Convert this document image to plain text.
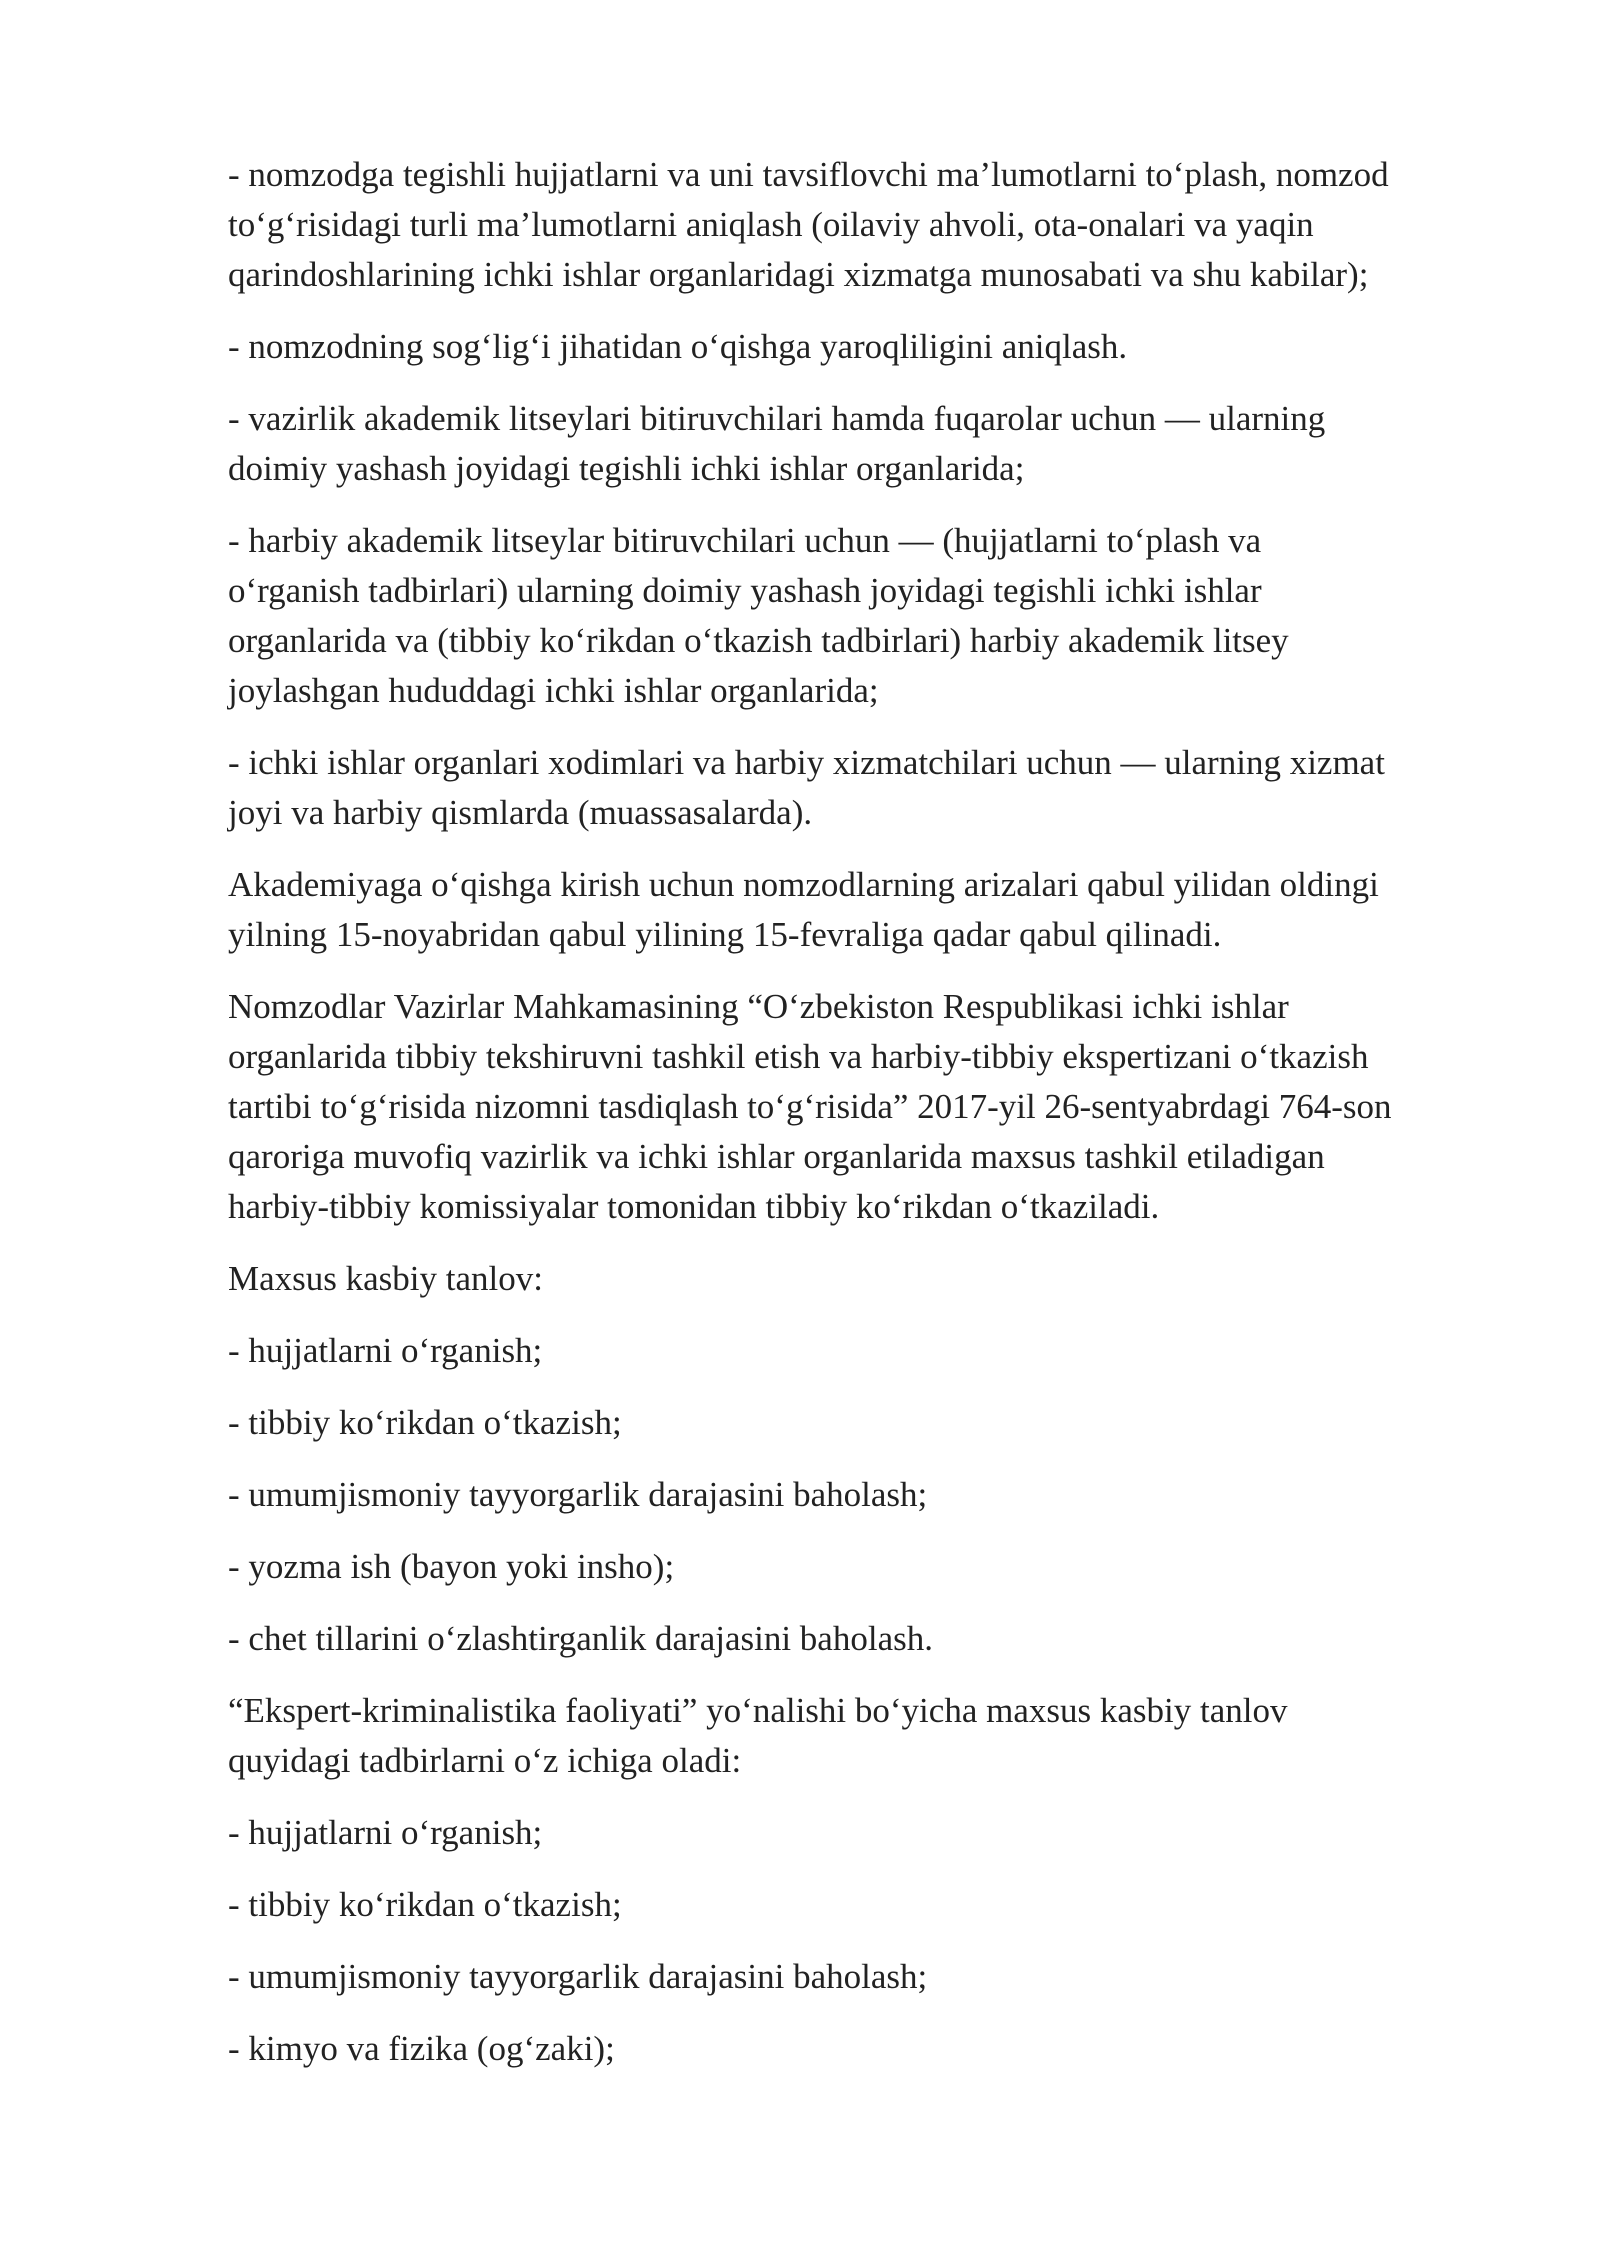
- nomzodga tegishli hujjatlarni va uni tavsiflovchi ma’lumotlarni to‘plash, nomzod
to‘g‘risidagi turli ma’lumotlarni aniqlash (oilaviy ahvoli, ota-onalari va yaqin
qarindoshlarining ichki ishlar organlaridagi xizmatga munosabati va shu kabilar);

- nomzodning sog‘lig‘i jihatidan o‘qishga yaroqliligini aniqlash.

- vazirlik akademik litseylari bitiruvchilari hamda fuqarolar uchun — ularning
doimiy yashash joyidagi tegishli ichki ishlar organlarida;

- harbiy akademik litseylar bitiruvchilari uchun — (hujjatlarni to‘plash va
o‘rganish tadbirlari) ularning doimiy yashash joyidagi tegishli ichki ishlar
organlarida va (tibbiy ko‘rikdan o‘tkazish tadbirlari) harbiy akademik litsey
joylashgan hududdagi ichki ishlar organlarida;

- ichki ishlar organlari xodimlari va harbiy xizmatchilari uchun — ularning xizmat
joyi va harbiy qismlarda (muassasalarda).

Akademiyaga o‘qishga kirish uchun nomzodlarning arizalari qabul yilidan oldingi
yilning 15-noyabridan qabul yilining 15-fevraliga qadar qabul qilinadi.

Nomzodlar Vazirlar Mahkamasining “O‘zbekiston Respublikasi ichki ishlar
organlarida tibbiy tekshiruvni tashkil etish va harbiy-tibbiy ekspertizani o‘tkazish
tartibi to‘g‘risida nizomni tasdiqlash to‘g‘risida” 2017-yil 26-sentyabrdagi 764-son
qaroriga muvofiq vazirlik va ichki ishlar organlarida maxsus tashkil etiladigan
harbiy-tibbiy komissiyalar tomonidan tibbiy ko‘rikdan o‘tkaziladi.

Maxsus kasbiy tanlov:

- hujjatlarni o‘rganish;

- tibbiy ko‘rikdan o‘tkazish;

- umumjismoniy tayyorgarlik darajasini baholash;

- yozma ish (bayon yoki insho);

- chet tillarini o‘zlashtirganlik darajasini baholash.

“Ekspert-kriminalistika faoliyati” yo‘nalishi bo‘yicha maxsus kasbiy tanlov
quyidagi tadbirlarni o‘z ichiga oladi:

- hujjatlarni o‘rganish;

- tibbiy ko‘rikdan o‘tkazish;

- umumjismoniy tayyorgarlik darajasini baholash;

- kimyo va fizika (og‘zaki);
